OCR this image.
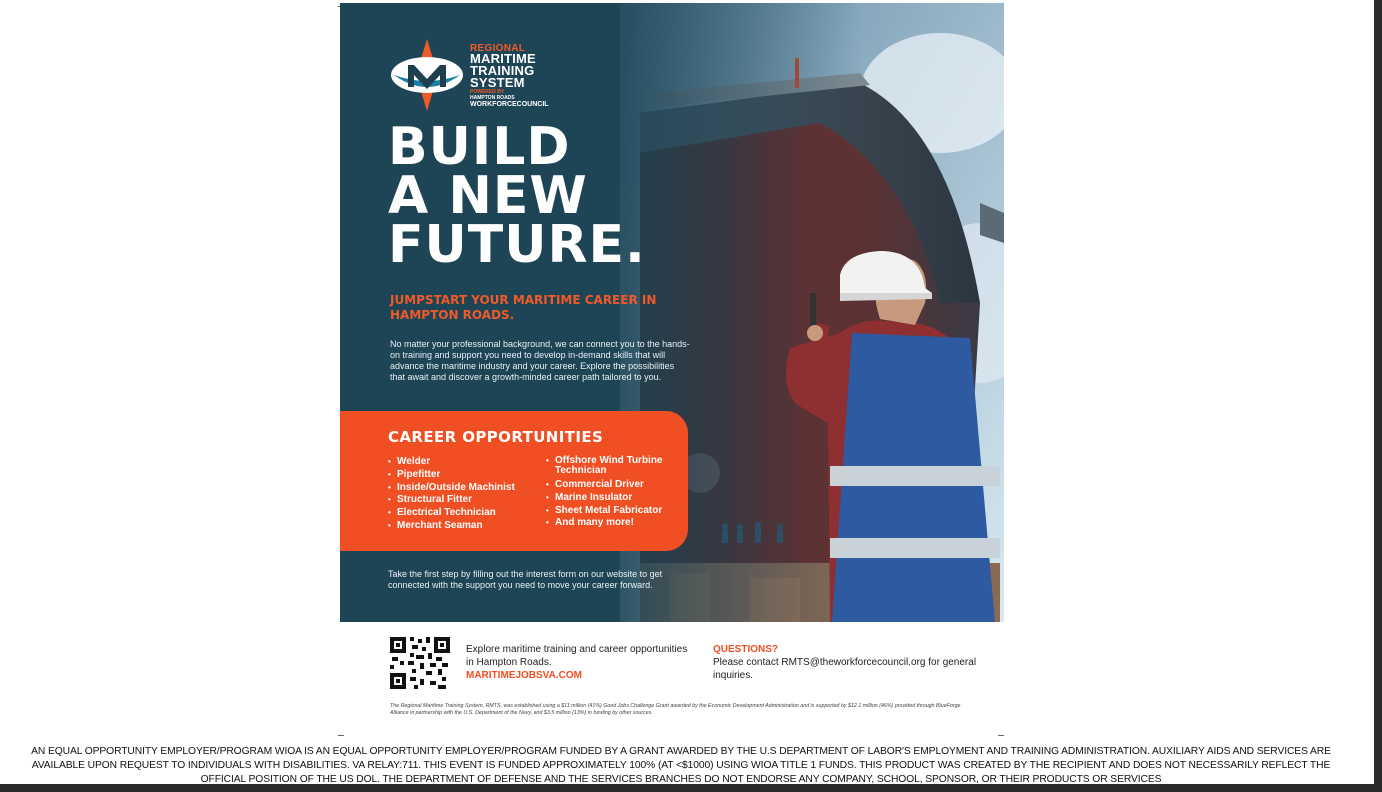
REGIONAL
MARITIME
TRAINING
SYSTEM
POWERED BY
HAMPTON ROADS
WORKFORCECOUNCIL
BUILD
A NEW
FUTURE.
JUMPSTART YOUR MARITIME CAREER IN HAMPTON ROADS.
No matter your professional background, we can connect you to the hands-on training and support you need to develop in-demand skills that will advance the maritime industry and your career. Explore the possibilities that await and discover a growth-minded career path tailored to you.
CAREER OPPORTUNITIES
• Welder
• Pipefitter
• Inside/Outside Machinist
• Structural Fitter
• Electrical Technician
• Merchant Seaman
• Offshore Wind Turbine Technician
• Commercial Driver
• Marine Insulator
• Sheet Metal Fabricator
• And many more!
Take the first step by filling out the interest form on our website to get connected with the support you need to move your career forward.
Explore maritime training and career opportunities in Hampton Roads.
MARITIMEJOBSVA.COM
QUESTIONS?
Please contact RMTS@theworkforcecouncil.org for general inquiries.
The Regional Maritime Training System, RMTS, was established using a $11 million (41%) Good Jobs Challenge Grant awarded by the Economic Development Administration and is supported by $12.1 million (46%) provided through BlueForge Alliance in partnership with the U.S. Department of the Navy, and $3.5 million (13%) in funding by other sources.
AN EQUAL OPPORTUNITY EMPLOYER/PROGRAM WIOA IS AN EQUAL OPPORTUNITY EMPLOYER/PROGRAM FUNDED BY A GRANT AWARDED BY THE U.S DEPARTMENT OF LABOR'S EMPLOYMENT AND TRAINING ADMINISTRATION. AUXILIARY AIDS AND SERVICES ARE AVAILABLE UPON REQUEST TO INDIVIDUALS WITH DISABILITIES. VA RELAY:711. THIS EVENT IS FUNDED APPROXIMATELY 100% (AT <$1000) USING WIOA TITLE 1 FUNDS. THIS PRODUCT WAS CREATED BY THE RECIPIENT AND DOES NOT NECESSARILY REFLECT THE OFFICIAL POSITION OF THE US DOL. THE DEPARTMENT OF DEFENSE AND THE SERVICES BRANCHES DO NOT ENDORSE ANY COMPANY, SCHOOL, SPONSOR, OR THEIR PRODUCTS OR SERVICES
